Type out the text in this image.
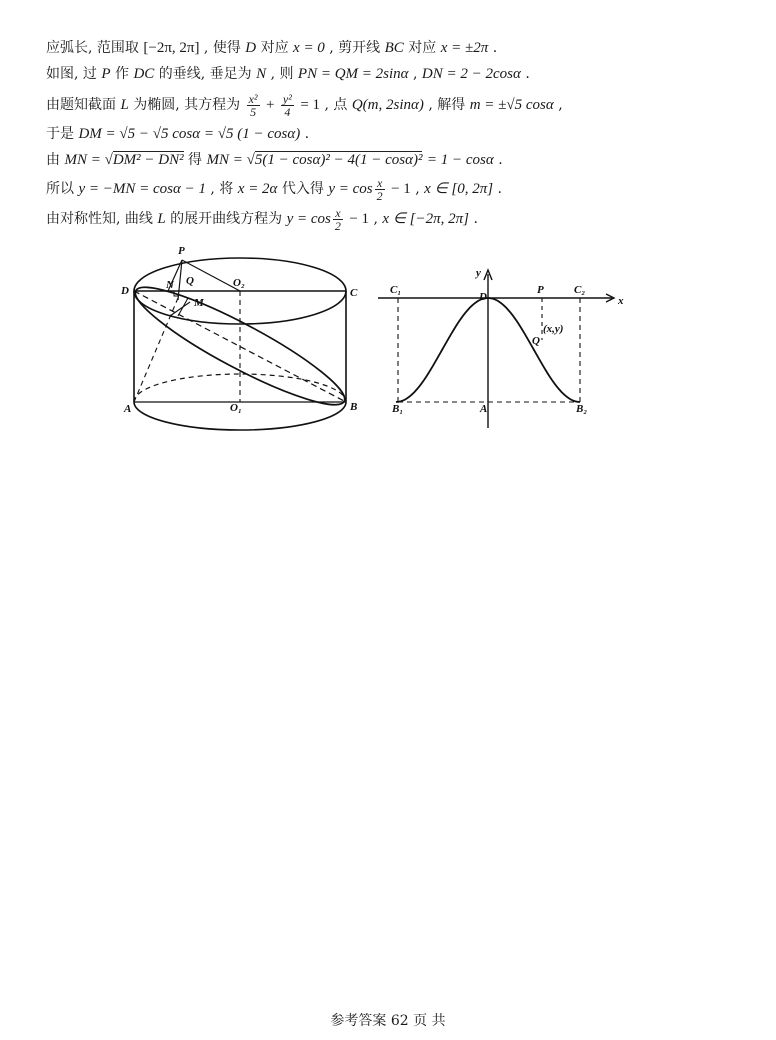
应弧长, 范围取 [−2π, 2π] , 使得 D 对应 x = 0 , 剪开线 BC 对应 x = ±2π .
如图, 过 P 作 DC 的垂线, 垂足为 N , 则 PN = QM = 2sinα , DN = 2 − 2cosα .
由题知截面 L 为椭圆, 其方程为 $\frac{\text{x²}}{5} + \frac{\text{y²}}{4} = 1$ , 点 Q(m, 2sinα) , 解得 m = ±√5 cosα ,
于是 DM = √5 − √5 cosα = √5 (1 − cosα) .
由 MN = √DM² − DN² 得 MN = √5(1 − cosα)² − 4(1 − cosα)² = 1 − cosα .
所以 y = −MN = cosα − 1 , 将 x = 2α 代入得 $y = \cos \frac{x}{2} - 1$ , x ∈ [0, 2π] .
由对称性知, 曲线 L 的展开曲线方程为 $y = \cos \frac{x}{2} - 1$ , x ∈ [−2π, 2π] .
P
D	N Q	O₂
C
M
A	O₁	B
y
x
C₁
D
P	C₂
Q
(x,y)
B₁	A	B₂
参考答案 62 页 共
